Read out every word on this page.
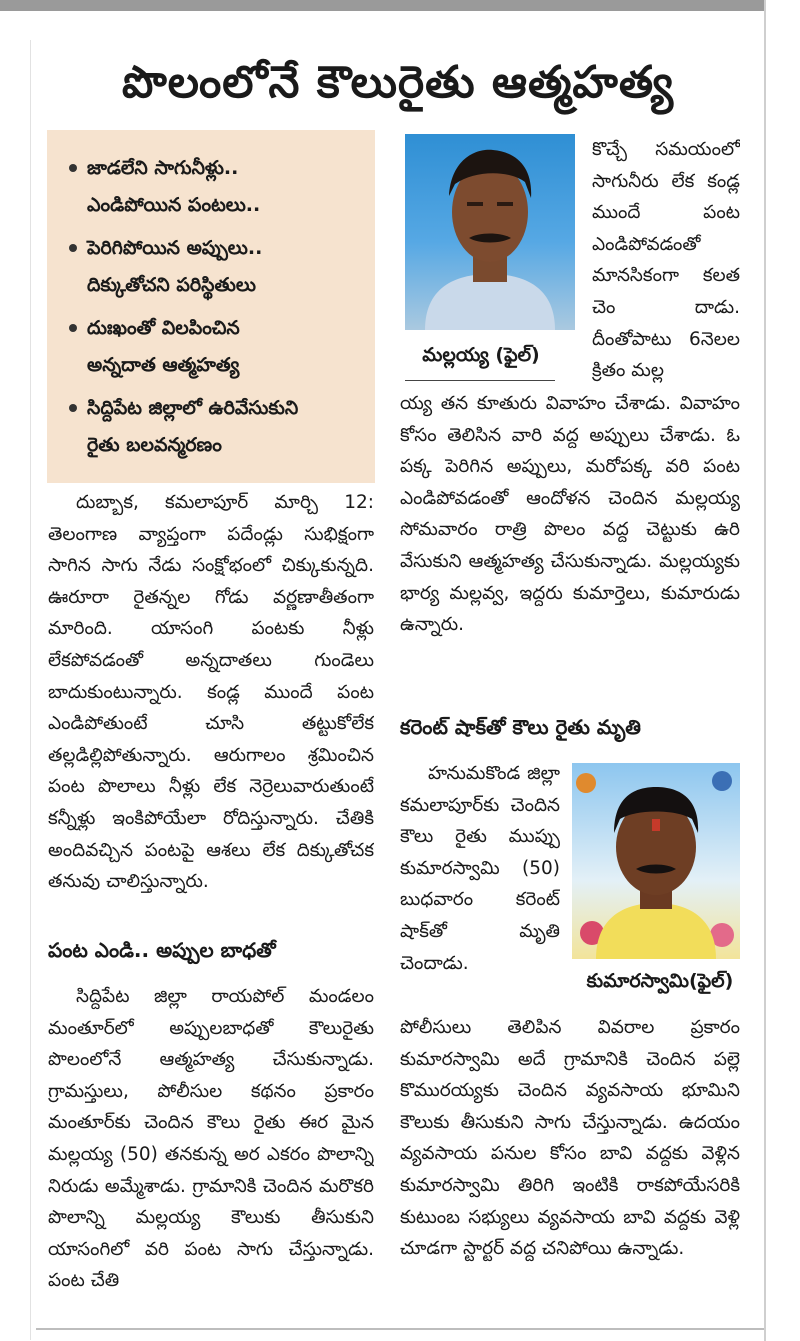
పొలంలోనే కౌలురైతు ఆత్మహత్య
జాడలేని సాగునీళ్లు..
ఎండిపోయిన పంటలు..
పెరిగిపోయిన అప్పులు..
దిక్కుతోచని పరిస్థితులు
దుఃఖంతో విలపించిన
అన్నదాత ఆత్మహత్య
సిద్దిపేట జిల్లాలో ఉరివేసుకుని
రైతు బలవన్మరణం

దుబ్బాక, కమలాపూర్ మార్చి 12: తెలంగాణ వ్యాప్తంగా పదేండ్లు సుభిక్షంగా సాగిన సాగు నేడు సంక్షోభంలో చిక్కుకున్నది. ఊరూరా రైతన్నల గోడు వర్ణణాతీతంగా మారింది. యాసంగి పంటకు నీళ్లు లేకపోవడంతో అన్నదాతలు గుండెలు బాదుకుంటున్నారు. కండ్ల ముందే పంట ఎండిపోతుంటే చూసి తట్టుకోలేక తల్లడిల్లిపోతున్నారు. ఆరుగాలం శ్రమించిన పంట పొలాలు నీళ్లు లేక నెర్రెలువారుతుంటే కన్నీళ్లు ఇంకిపోయేలా రోదిస్తున్నారు. చేతికి అందివచ్చిన పంటపై ఆశలు లేక దిక్కుతోచక తనువు చాలిస్తున్నారు.

పంట ఎండి.. అప్పుల బాధతో

సిద్దిపేట జిల్లా రాయపోల్ మండలం మంతూర్‌లో అప్పులబాధతో కౌలురైతు పొలంలోనే ఆత్మహత్య చేసుకున్నాడు. గ్రామస్తులు, పోలీసుల కథనం ప్రకారం మంతూర్‌కు చెందిన కౌలు రైతు ఈర మైన మల్లయ్య (50) తనకున్న అర ఎకరం పొలాన్ని నిరుడు అమ్మేశాడు. గ్రామానికి చెందిన మరొకరి పొలాన్ని మల్లయ్య కౌలుకు తీసుకుని యాసంగిలో వరి పంట సాగు చేస్తున్నాడు. పంట చేతి

మల్లయ్య (ఫైల్)

కొచ్చే సమయంలో సాగునీరు లేక కండ్ల ముందే పంట ఎండిపోవడంతో మానసికంగా కలత చెం దాడు. దీంతోపాటు 6నెలల క్రితం మల్ల

య్య తన కూతురు వివాహం చేశాడు. వివాహం కోసం తెలిసిన వారి వద్ద అప్పులు చేశాడు. ఓ పక్క పెరిగిన అప్పులు, మరోపక్క వరి పంట ఎండిపోవడంతో ఆందోళన చెందిన మల్లయ్య సోమవారం రాత్రి పొలం వద్ద చెట్టుకు ఉరి వేసుకుని ఆత్మహత్య చేసుకున్నాడు. మల్లయ్యకు భార్య మల్లవ్వ, ఇద్దరు కుమార్తెలు, కుమారుడు ఉన్నారు.

కరెంట్ షాక్‌తో కౌలు రైతు మృతి

హనుమకొండ జిల్లా కమలాపూర్‌కు చెందిన కౌలు రైతు ముప్పు కుమారస్వామి (50) బుధవారం కరెంట్ షాక్‌తో మృతి చెందాడు.

కుమారస్వామి(ఫైల్)

పోలీసులు తెలిపిన వివరాల ప్రకారం కుమారస్వామి అదే గ్రామానికి చెందిన పల్లె కొమురయ్యకు చెందిన వ్యవసాయ భూమిని కౌలుకు తీసుకుని సాగు చేస్తున్నాడు. ఉదయం వ్యవసాయ పనుల కోసం బావి వద్దకు వెళ్లిన కుమారస్వామి తిరిగి ఇంటికి రాకపోయేసరికి కుటుంబ సభ్యులు వ్యవసాయ బావి వద్దకు వెళ్లి చూడగా స్టార్టర్ వద్ద చనిపోయి ఉన్నాడు.
